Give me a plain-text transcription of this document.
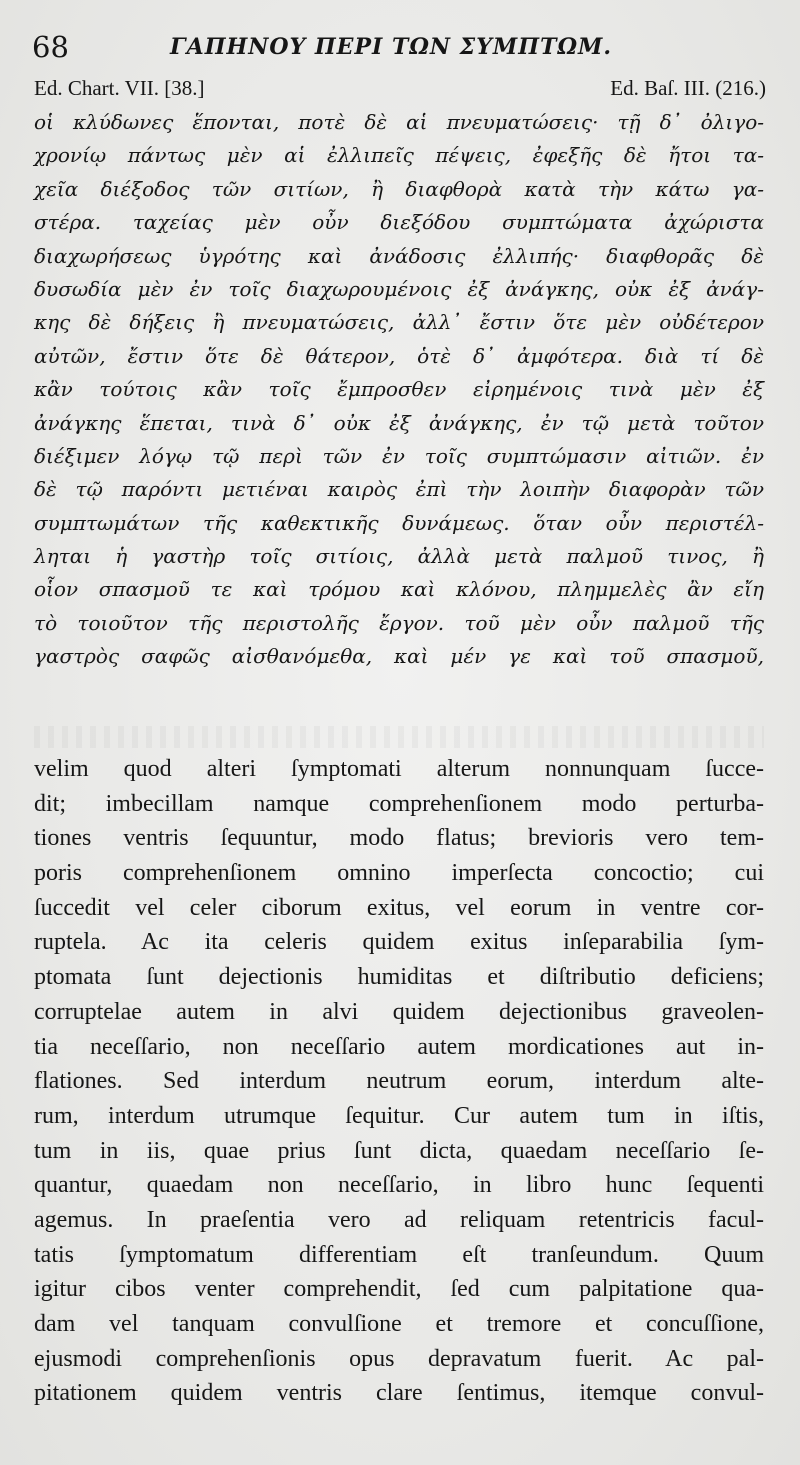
68	ΓΑΠΗΝΟΥ ΠΕΡΙ ΤΩΝ ΣΥΜΠΤΩΜ.
Ed. Chart. VII. [38.]	Ed. Baſ. III. (216.)
οἱ κλύδωνες ἕπονται, ποτὲ δὲ αἱ πνευματώσεις· τῇ δ᾽ ὀλιγο-
χρονίῳ πάντως μὲν αἱ ἐλλιπεῖς πέψεις, ἐφεξῆς δὲ ἤτοι τα-
χεῖα διέξοδος τῶν σιτίων, ἢ διαφθορὰ κατὰ τὴν κάτω γα-
στέρα. ταχείας μὲν οὖν διεξόδου συμπτώματα ἀχώριστα
διαχωρήσεως ὑγρότης καὶ ἀνάδοσις ἐλλιπής· διαφθορᾶς δὲ
δυσωδία μὲν ἐν τοῖς διαχωρουμένοις ἐξ ἀνάγκης, οὐκ ἐξ ἀνάγ-
κης δὲ δήξεις ἢ πνευματώσεις, ἀλλ᾽ ἔστιν ὅτε μὲν οὐδέτερον
αὐτῶν, ἔστιν ὅτε δὲ θάτερον, ὁτὲ δ᾽ ἀμφότερα. διὰ τί δὲ
κἂν τούτοις κἂν τοῖς ἔμπροσθεν εἰρημένοις τινὰ μὲν ἐξ
ἀνάγκης ἕπεται, τινὰ δ᾽ οὐκ ἐξ ἀνάγκης, ἐν τῷ μετὰ τοῦτον
διέξιμεν λόγῳ τῷ περὶ τῶν ἐν τοῖς συμπτώμασιν αἰτιῶν. ἐν
δὲ τῷ παρόντι μετιέναι καιρὸς ἐπὶ τὴν λοιπὴν διαφορὰν τῶν
συμπτωμάτων τῆς καθεκτικῆς δυνάμεως. ὅταν οὖν περιστέλ-
ληται ἡ γαστὴρ τοῖς σιτίοις, ἀλλὰ μετὰ παλμοῦ τινος, ἢ
οἷον σπασμοῦ τε καὶ τρόμου καὶ κλόνου, πλημμελὲς ἂν εἴη
τὸ τοιοῦτον τῆς περιστολῆς ἔργον. τοῦ μὲν οὖν παλμοῦ τῆς
γαστρὸς σαφῶς αἰσθανόμεθα, καὶ μέν γε καὶ τοῦ σπασμοῦ,
velim quod alteri ſymptomati alterum nonnunquam ſucce-
dit; imbecillam namque comprehenſionem modo perturba-
tiones ventris ſequuntur, modo flatus; brevioris vero tem-
poris comprehenſionem omnino imperſecta concoctio; cui
ſuccedit vel celer ciborum exitus, vel eorum in ventre cor-
ruptela. Ac ita celeris quidem exitus inſeparabilia ſym-
ptomata ſunt dejectionis humiditas et diſtributio deficiens;
corruptelae autem in alvi quidem dejectionibus graveolen-
tia neceſſario, non neceſſario autem mordicationes aut in-
flationes. Sed interdum neutrum eorum, interdum alte-
rum, interdum utrumque ſequitur. Cur autem tum in iſtis,
tum in iis, quae prius ſunt dicta, quaedam neceſſario ſe-
quantur, quaedam non neceſſario, in libro hunc ſequenti
agemus. In praeſentia vero ad reliquam retentricis facul-
tatis ſymptomatum differentiam eſt tranſeundum. Quum
igitur cibos venter comprehendit, ſed cum palpitatione qua-
dam vel tanquam convulſione et tremore et concuſſione,
ejusmodi comprehenſionis opus depravatum fuerit. Ac pal-
pitationem quidem ventris clare ſentimus, itemque convul-
